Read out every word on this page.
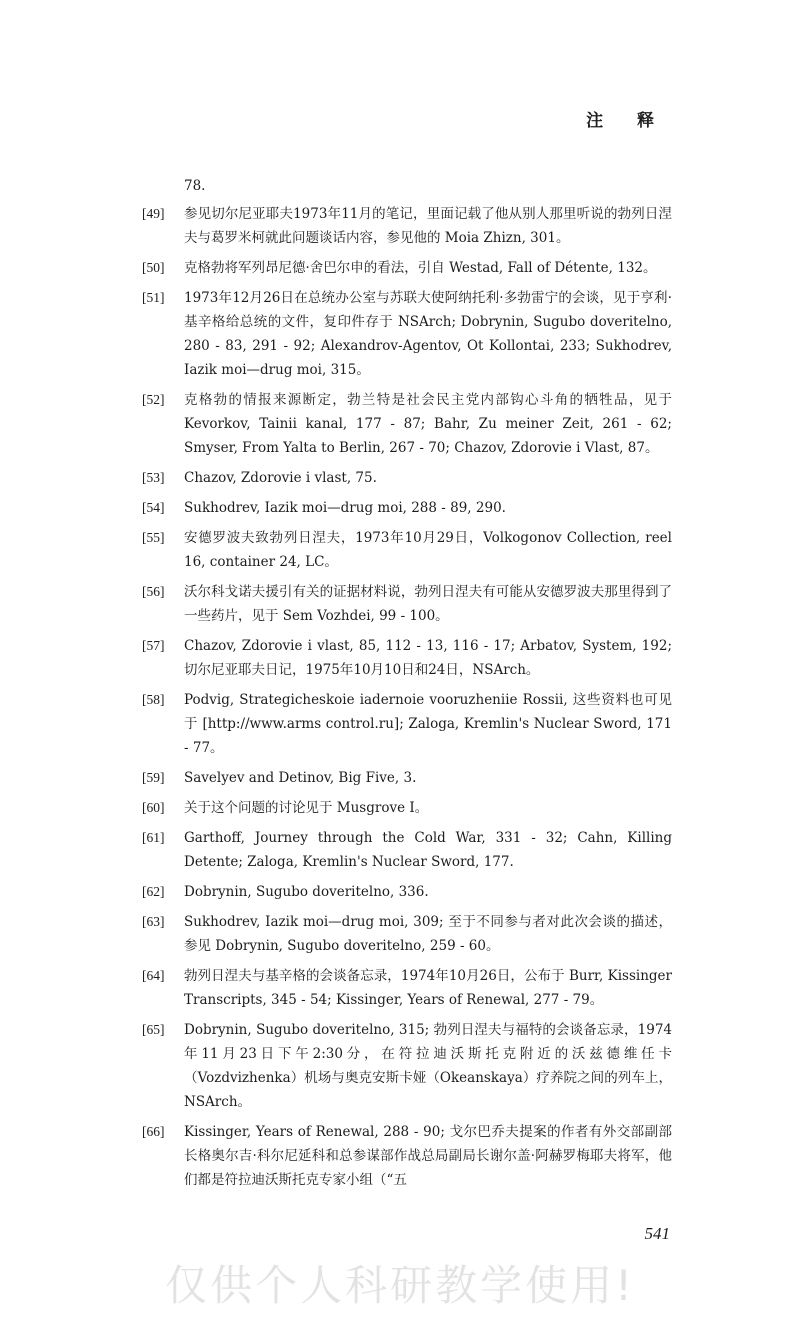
注 释
78.
[49]	参见切尔尼亚耶夫1973年11月的笔记，里面记载了他从别人那里听说的勃列日涅夫与葛罗米柯就此问题谈话内容，参见他的 Moia Zhizn, 301。
[50]	克格勃将军列昂尼德·舍巴尔申的看法，引自 Westad, Fall of Détente, 132。
[51]	1973年12月26日在总统办公室与苏联大使阿纳托利·多勃雷宁的会谈，见于亨利·基辛格给总统的文件，复印件存于 NSArch; Dobrynin, Sugubo doveritelno, 280 - 83, 291 - 92; Alexandrov-Agentov, Ot Kollontai, 233; Sukhodrev, Iazik moi—drug moi, 315。
[52]	克格勃的情报来源断定，勃兰特是社会民主党内部钩心斗角的牺牲品，见于 Kevorkov, Tainii kanal, 177 - 87; Bahr, Zu meiner Zeit, 261 - 62; Smyser, From Yalta to Berlin, 267 - 70; Chazov, Zdorovie i Vlast, 87。
[53]	Chazov, Zdorovie i vlast, 75.
[54]	Sukhodrev, Iazik moi—drug moi, 288 - 89, 290.
[55]	安德罗波夫致勃列日涅夫，1973年10月29日，Volkogonov Collection, reel 16, container 24, LC。
[56]	沃尔科戈诺夫援引有关的证据材料说，勃列日涅夫有可能从安德罗波夫那里得到了一些药片，见于 Sem Vozhdei, 99 - 100。
[57]	Chazov, Zdorovie i vlast, 85, 112 - 13, 116 - 17; Arbatov, System, 192; 切尔尼亚耶夫日记，1975年10月10日和24日，NSArch。
[58]	Podvig, Strategicheskoie iadernoie vooruzheniie Rossii, 这些资料也可见于 [http://www.arms control.ru]; Zaloga, Kremlin's Nuclear Sword, 171 - 77。
[59]	Savelyev and Detinov, Big Five, 3.
[60]	关于这个问题的讨论见于 Musgrove I。
[61]	Garthoff, Journey through the Cold War, 331 - 32; Cahn, Killing Detente; Zaloga, Kremlin's Nuclear Sword, 177.
[62]	Dobrynin, Sugubo doveritelno, 336.
[63]	Sukhodrev, Iazik moi—drug moi, 309; 至于不同参与者对此次会谈的描述，参见 Dobrynin, Sugubo doveritelno, 259 - 60。
[64]	勃列日涅夫与基辛格的会谈备忘录，1974年10月26日，公布于 Burr, Kissinger Transcripts, 345 - 54; Kissinger, Years of Renewal, 277 - 79。
[65]	Dobrynin, Sugubo doveritelno, 315; 勃列日涅夫与福特的会谈备忘录，1974年11月23日下午2:30分，在符拉迪沃斯托克附近的沃兹德维任卡（Vozdvizhenka）机场与奥克安斯卡娅（Okeanskaya）疗养院之间的列车上，NSArch。
[66]	Kissinger, Years of Renewal, 288 - 90; 戈尔巴乔夫提案的作者有外交部副部长格奥尔吉·科尔尼延科和总参谋部作战总局副局长谢尔盖·阿赫罗梅耶夫将军，他们都是符拉迪沃斯托克专家小组（“五
541
仅供个人科研教学使用!
